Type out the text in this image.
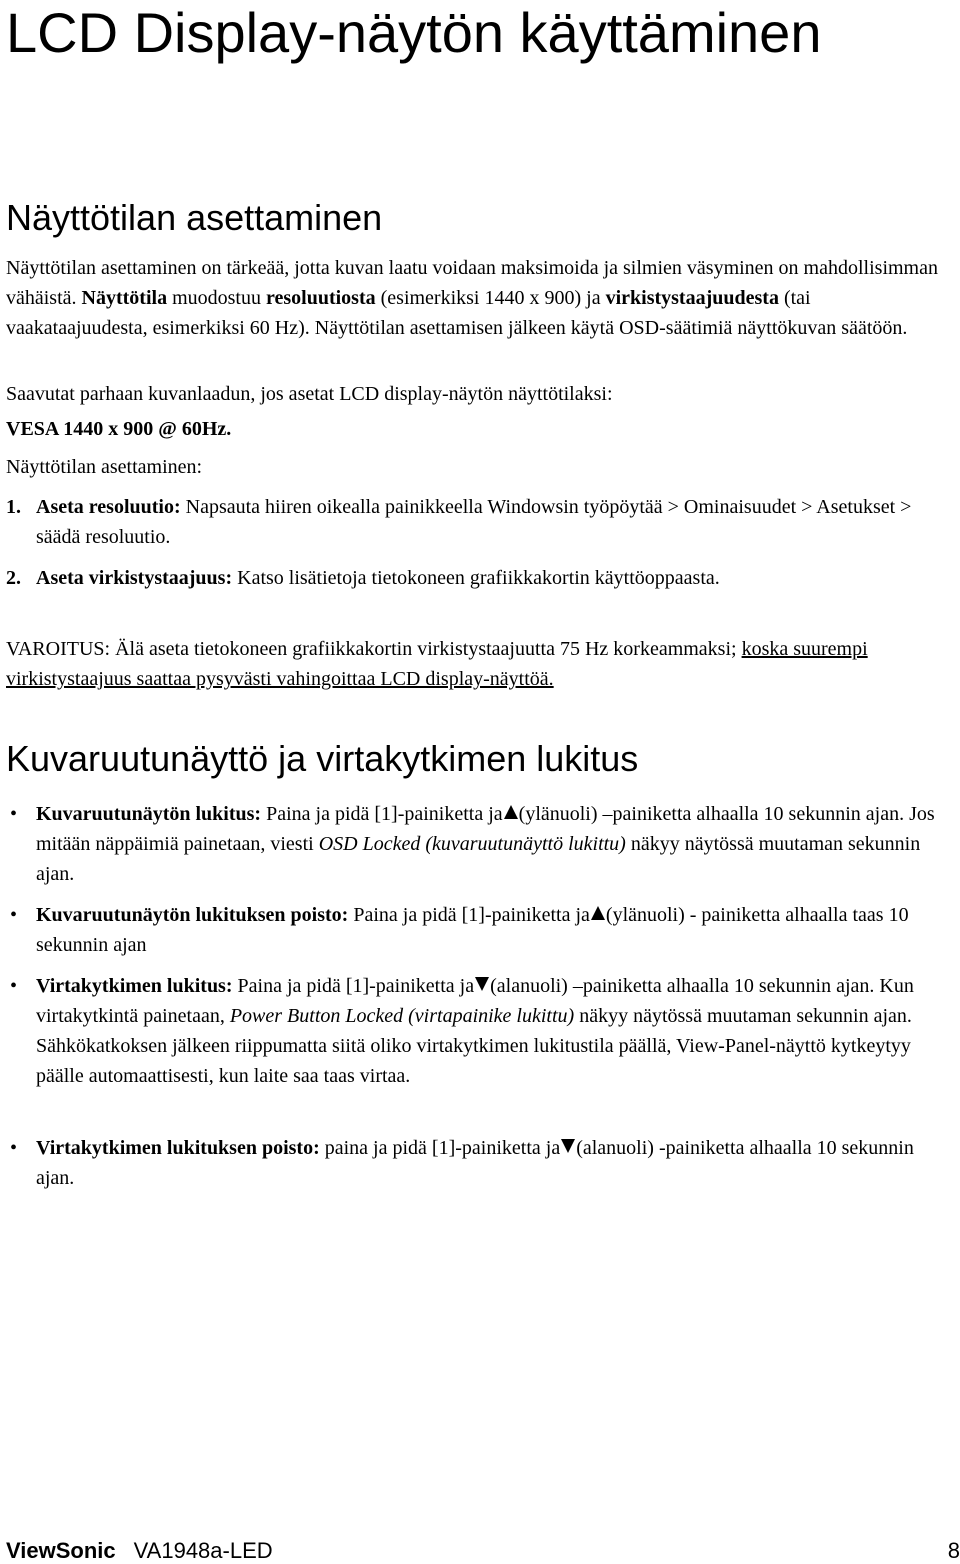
LCD Display-näytön käyttäminen
Näyttötilan asettaminen

Näyttötilan asettaminen on tärkeää, jotta kuvan laatu voidaan maksimoida ja silmien väsyminen on mahdollisimman vähäistä. Näyttötila muodostuu resoluutiosta (esimerkiksi 1440 x 900) ja virkistystaajuudesta (tai vaakataajuudesta, esimerkiksi 60 Hz). Näyttötilan asettamisen jälkeen käytä OSD-säätimiä näyttökuvan säätöön.

Saavutat parhaan kuvanlaadun, jos asetat LCD display-näytön näyttötilaksi:

VESA 1440 x 900 @ 60Hz.

Näyttötilan asettaminen:

1. Aseta resoluutio: Napsauta hiiren oikealla painikkeella Windowsin työpöytää > Ominaisuudet > Asetukset > säädä resoluutio.
2. Aseta virkistystaajuus: Katso lisätietoja tietokoneen grafiikkakortin käyttöoppaasta.

VAROITUS: Älä aseta tietokoneen grafiikkakortin virkistystaajuutta 75 Hz korkeammaksi; koska suurempi virkistystaajuus saattaa pysyvästi vahingoittaa LCD display-näyttöä.

Kuvaruutunäyttö ja virtakytkimen lukitus
• Kuvaruutunäytön lukitus: Paina ja pidä [1]-painiketta ja (ylänuoli) –painiketta alhaalla 10 sekunnin ajan. Jos mitään näppäimiä painetaan, viesti OSD Locked (kuvaruutunäyttö lukittu) näkyy näytössä muutaman sekunnin ajan.
• Kuvaruutunäytön lukituksen poisto: Paina ja pidä [1]-painiketta ja (ylänuoli) - painiketta alhaalla taas 10 sekunnin ajan
• Virtakytkimen lukitus: Paina ja pidä [1]-painiketta ja (alanuoli) –painiketta alhaalla 10 sekunnin ajan. Kun virtakytkintä painetaan, Power Button Locked (virtapainike lukittu) näkyy näytössä muutaman sekunnin ajan. Sähkökatkoksen jälkeen riippumatta siitä oliko virtakytkimen lukitustila päällä, View-Panel-näyttö kytkeytyy päälle automaattisesti, kun laite saa taas virtaa.
• Virtakytkimen lukituksen poisto: paina ja pidä [1]-painiketta ja (alanuoli) -painiketta alhaalla 10 sekunnin ajan.
ViewSonic VA1948a-LED	8
